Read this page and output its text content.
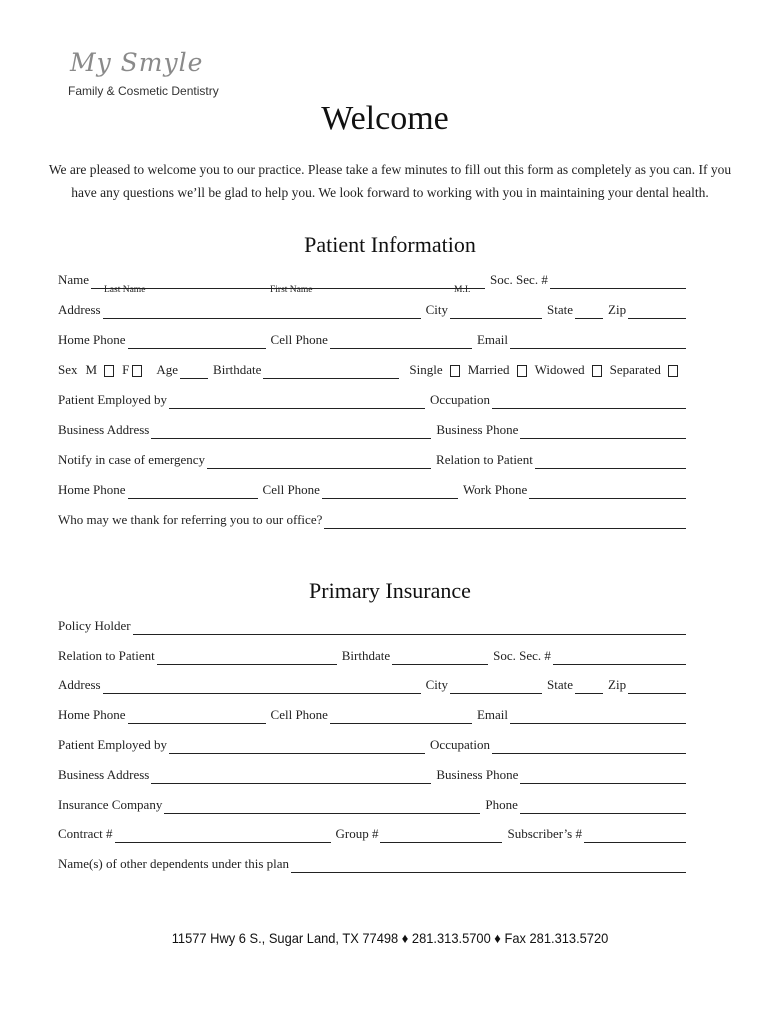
My Smyle
Family & Cosmetic Dentistry
Welcome
We are pleased to welcome you to our practice. Please take a few minutes to fill out this form as completely as you can. If you have any questions we’ll be glad to help you. We look forward to working with you in maintaining your dental health.
Patient Information
Name	Soc. Sec. #
Last Name	First Name	M.I.
Address	City	State	Zip
Home Phone	Cell Phone	Email
Sex M F Age	Birthdate	Single Married Widowed Separated
Patient Employed by	Occupation
Business Address	Business Phone
Notify in case of emergency	Relation to Patient
Home Phone	Cell Phone	Work Phone
Who may we thank for referring you to our office?
Primary Insurance
Policy Holder
Relation to Patient	Birthdate	Soc. Sec. #
Address	City	State	Zip
Home Phone	Cell Phone	Email
Patient Employed by	Occupation
Business Address	Business Phone
Insurance Company	Phone
Contract #	Group #	Subscriber’s #
Name(s) of other dependents under this plan
11577 Hwy 6 S., Sugar Land, TX 77498 ♦ 281.313.5700 ♦ Fax 281.313.5720
